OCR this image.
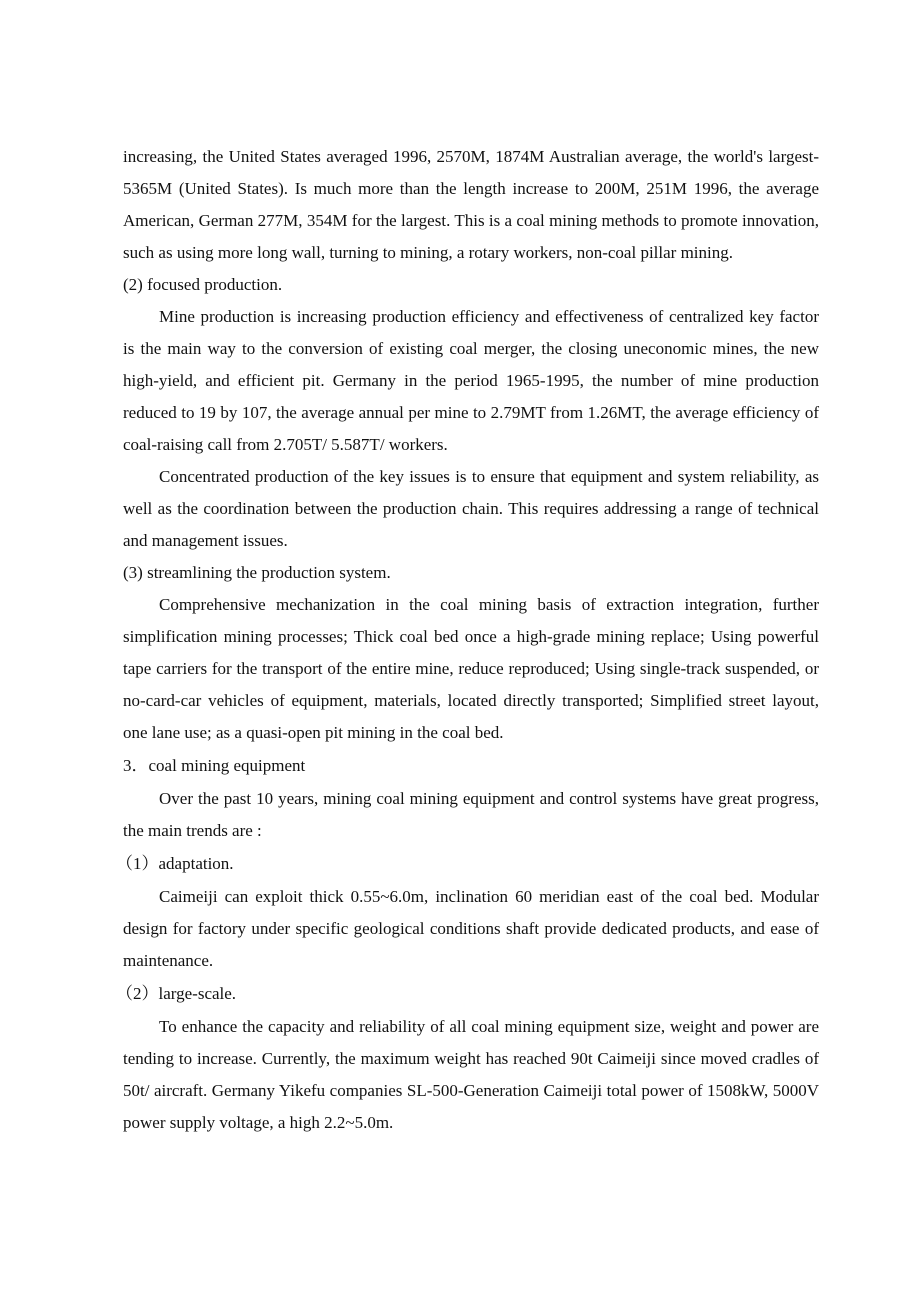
increasing, the United States averaged 1996, 2570M, 1874M Australian average, the world's largest-5365M (United States). Is much more than the length increase to 200M, 251M 1996, the average American, German 277M, 354M for the largest. This is a coal mining methods to promote innovation, such as using more long wall, turning to mining, a rotary workers, non-coal pillar mining.

(2) focused production.

Mine production is increasing production efficiency and effectiveness of centralized key factor is the main way to the conversion of existing coal merger, the closing uneconomic mines, the new high-yield, and efficient pit. Germany in the period 1965-1995, the number of mine production reduced to 19 by 107, the average annual per mine to 2.79MT from 1.26MT, the average efficiency of coal-raising call from 2.705T/ 5.587T/ workers.

Concentrated production of the key issues is to ensure that equipment and system reliability, as well as the coordination between the production chain. This requires addressing a range of technical and management issues.

(3) streamlining the production system.

Comprehensive mechanization in the coal mining basis of extraction integration, further simplification mining processes; Thick coal bed once a high-grade mining replace; Using powerful tape carriers for the transport of the entire mine, reduce reproduced; Using single-track suspended, or no-card-car vehicles of equipment, materials, located directly transported; Simplified street layout, one lane use; as a quasi-open pit mining in the coal bed.

3．coal mining equipment

Over the past 10 years, mining coal mining equipment and control systems have great progress, the main trends are :

（1）adaptation.

Caimeiji can exploit thick 0.55~6.0m, inclination 60 meridian east of the coal bed. Modular design for factory under specific geological conditions shaft provide dedicated products, and ease of maintenance.

（2）large-scale.

To enhance the capacity and reliability of all coal mining equipment size, weight and power are tending to increase. Currently, the maximum weight has reached 90t Caimeiji since moved cradles of 50t/ aircraft. Germany Yikefu companies SL-500-Generation Caimeiji total power of 1508kW, 5000V power supply voltage, a high 2.2~5.0m.
